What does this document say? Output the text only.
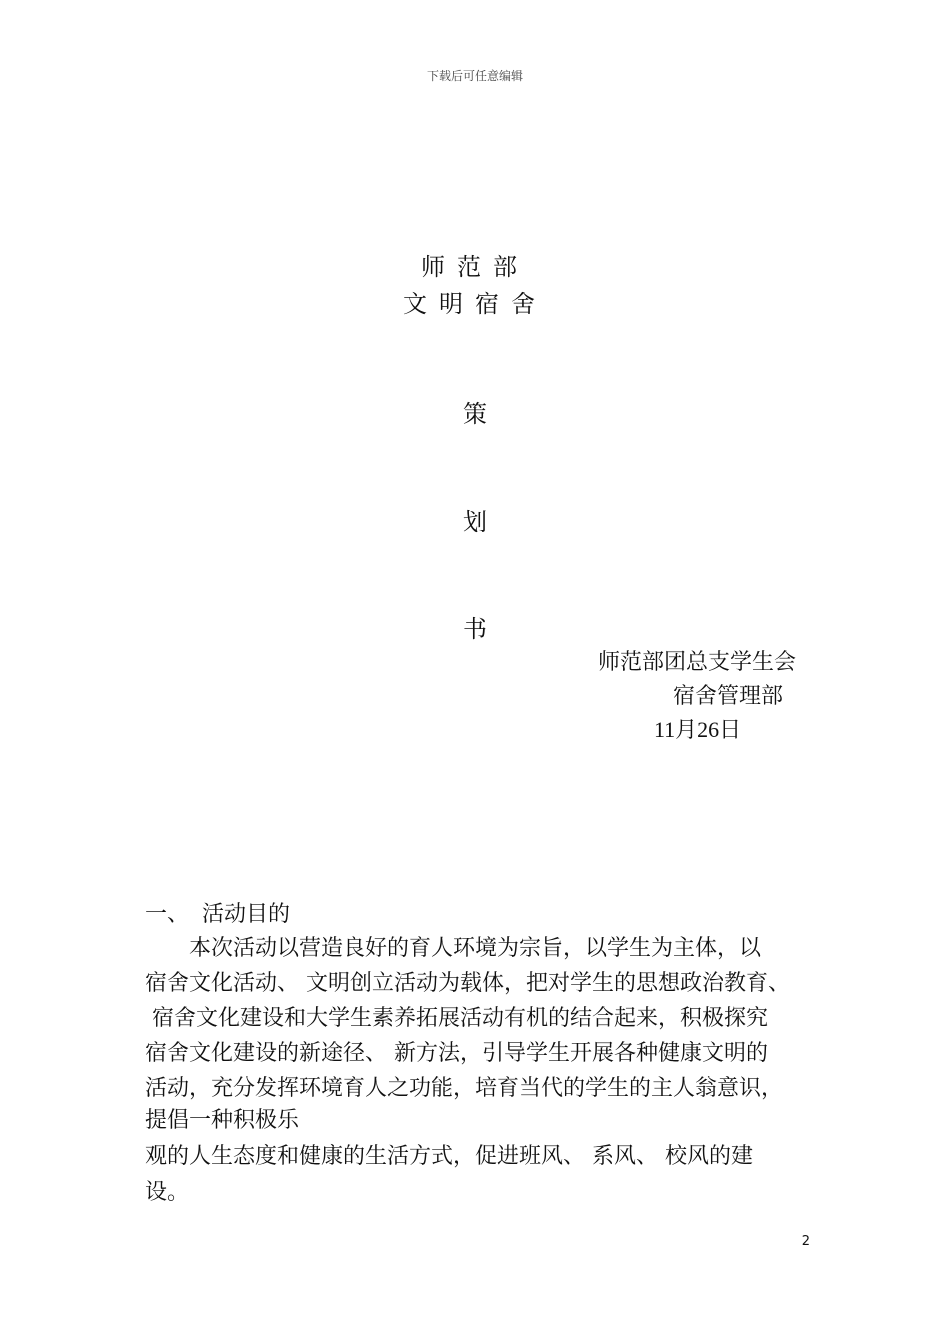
下载后可任意编辑
师范部
文明宿舍
策
划
书
师范部团总支学生会
宿舍管理部
11月26日
一、 活动目的
　　本次活动以营造良好的育人环境为宗旨，以学生为主体，以
宿舍文化活动、 文明创立活动为载体，把对学生的思想政治教育、
宿舍文化建设和大学生素养拓展活动有机的结合起来，积极探究
宿舍文化建设的新途径、 新方法，引导学生开展各种健康文明的
活动，充分发挥环境育人之功能，培育当代的学生的主人翁意识，
提倡一种积极乐
观的人生态度和健康的生活方式，促进班风、 系风、 校风的建
设。
2
